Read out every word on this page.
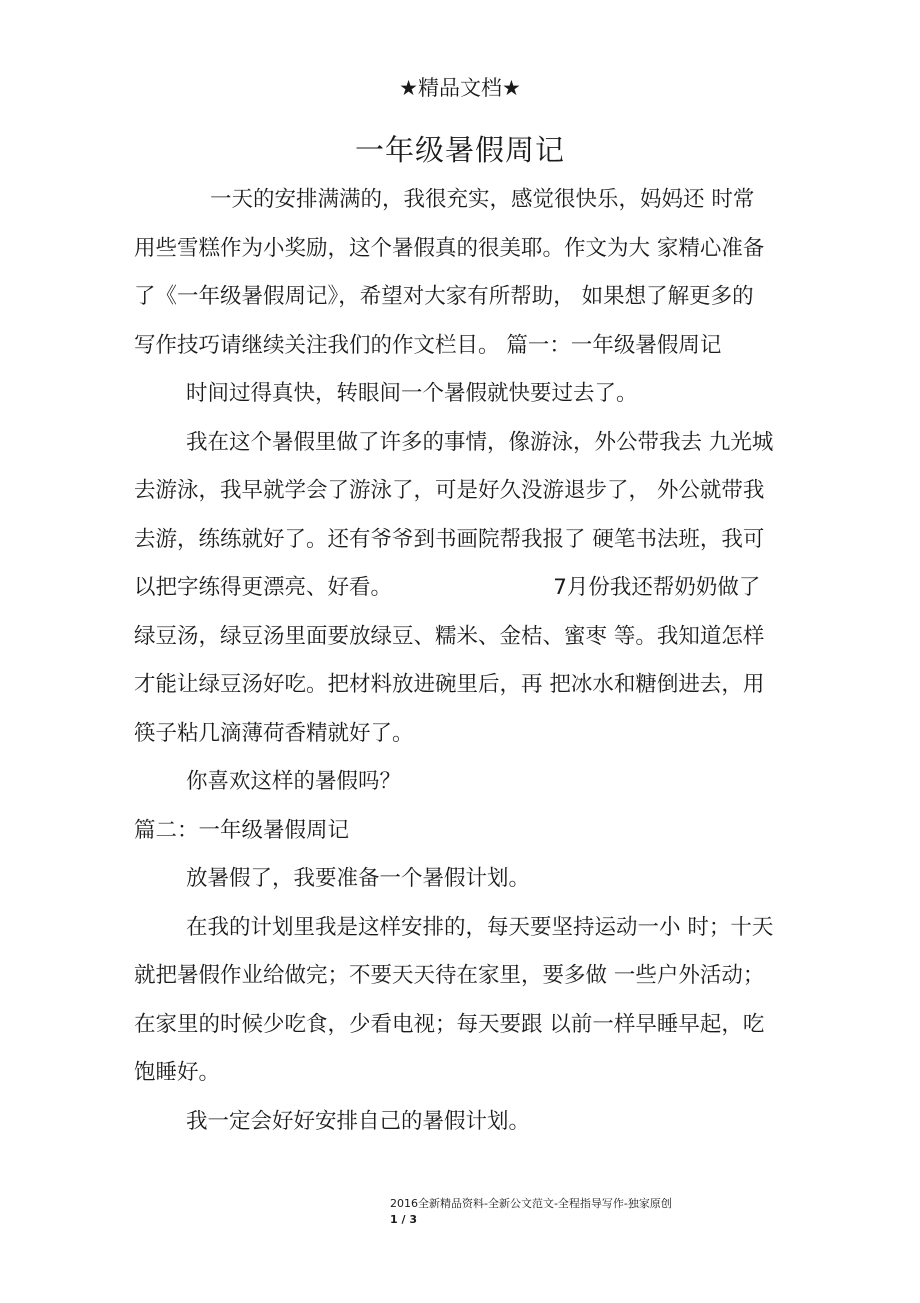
★精品文档★
一年级暑假周记

一天的安排满满的，我很充实，感觉很快乐，妈妈还 时常用些雪糕作为小奖励，这个暑假真的很美耶。作文为大 家精心准备了《一年级暑假周记》，希望对大家有所帮助， 如果想了解更多的写作技巧请继续关注我们的作文栏目。 篇一：一年级暑假周记

时间过得真快，转眼间一个暑假就快要过去了。

我在这个暑假里做了许多的事情，像游泳，外公带我去 九光城去游泳，我早就学会了游泳了，可是好久没游退步了， 外公就带我去游，练练就好了。还有爷爷到书画院帮我报了 硬笔书法班，我可以把字练得更漂亮、好看。　　　　　　　　7月份我还帮奶奶做了绿豆汤，绿豆汤里面要放绿豆、糯米、金桔、蜜枣 等。我知道怎样才能让绿豆汤好吃。把材料放进碗里后，再 把冰水和糖倒进去，用筷子粘几滴薄荷香精就好了。

你喜欢这样的暑假吗？

篇二：一年级暑假周记

放暑假了，我要准备一个暑假计划。

在我的计划里我是这样安排的，每天要坚持运动一小 时；十天就把暑假作业给做完；不要天天待在家里，要多做 一些户外活动；在家里的时候少吃食，少看电视；每天要跟 以前一样早睡早起，吃饱睡好。

我一定会好好安排自己的暑假计划。

2016全新精品资料-全新公文范文-全程指导写作-独家原创
1 / 3
